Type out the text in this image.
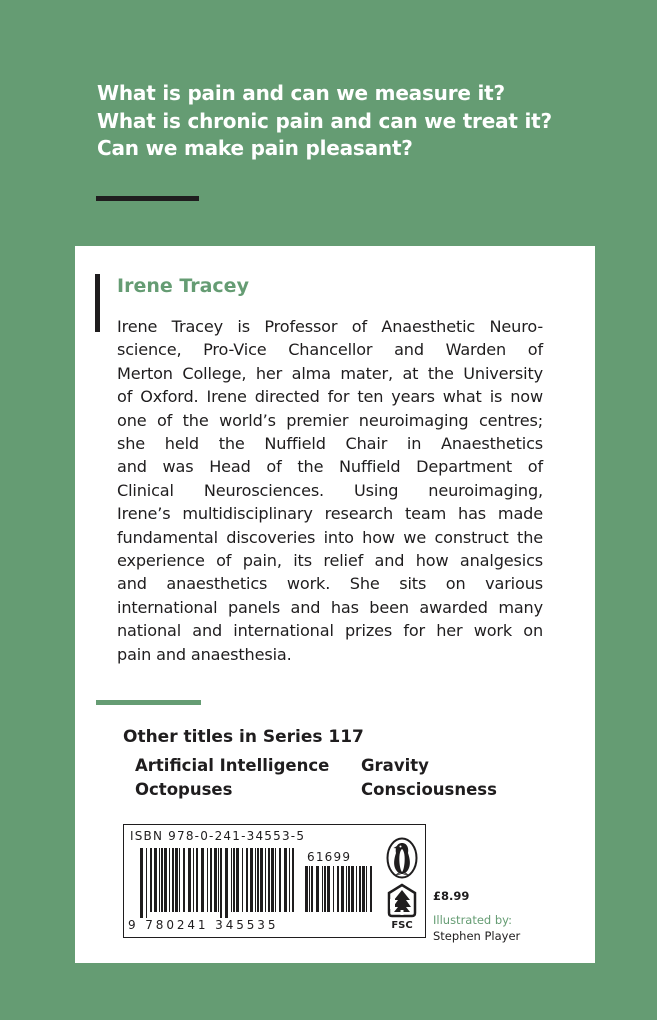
What is pain and can we measure it?
What is chronic pain and can we treat it?
Can we make pain pleasant?
Irene Tracey
Irene Tracey is Professor of Anaesthetic Neuro-
science, Pro-Vice Chancellor and Warden of
Merton College, her alma mater, at the University
of Oxford. Irene directed for ten years what is now
one of the world’s premier neuroimaging centres;
she held the Nuffield Chair in Anaesthetics
and was Head of the Nuffield Department of
Clinical Neurosciences. Using neuroimaging,
Irene’s multidisciplinary research team has made
fundamental discoveries into how we construct the
experience of pain, its relief and how analgesics
and anaesthetics work. She sits on various
international panels and has been awarded many
national and international prizes for her work on
pain and anaesthesia.
Other titles in Series 117
Artificial Intelligence	Gravity
Octopuses	Consciousness
ISBN 978-0-241-34553-5
61699
9 780241 345535	FSC
£8.99
Illustrated by:
Stephen Player
